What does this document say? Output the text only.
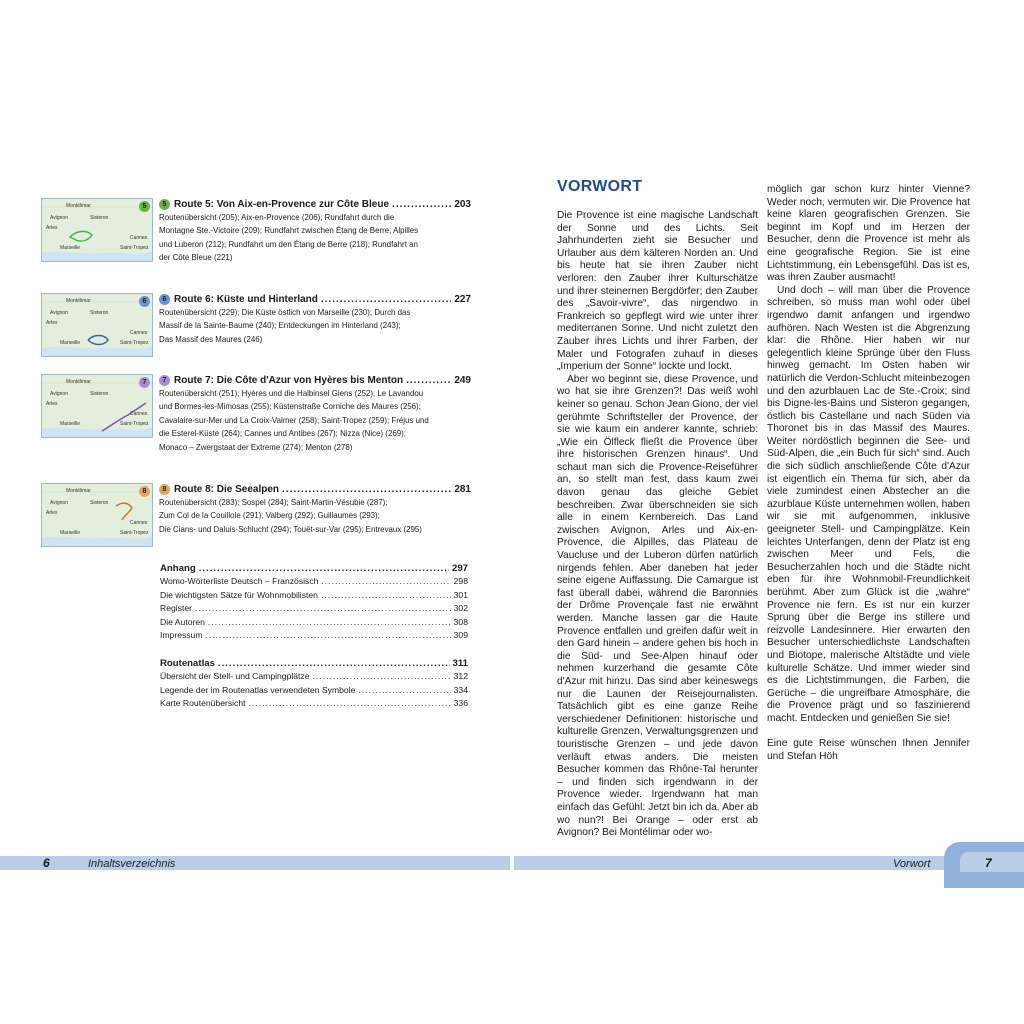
Montélimar
Avignon	Sisteron
Arles
Cannes
Marseille	Saint-Tropez
5	5 Route 5: Von Aix-en-Provence zur Côte Bleue .....	203
Routenübersicht (205); Aix-en-Provence (206); Rundfahrt durch die
Montagne Ste.-Victoire (209); Rundfahrt zwischen Étang de Berre, Alpilles
und Luberon (212); Rundfahrt um den Étang de Berre (218); Rundfahrt an
der Côte Bleue (221)
Montélimar
Avignon	Sisteron
Arles
Cannes
Marseille	Saint-Tropez
6	6 Route 6: Küste und Hinterland .....	227
Routenübersicht (229); Die Küste östlich von Marseille (230); Durch das
Massif de la Sainte-Baume (240); Entdeckungen im Hinterland (243);
Das Massif des Maures (246)
Montélimar
Avignon	Sisteron
Arles
Cannes
Marseille	Saint-Tropez
7	7 Route 7: Die Côte d'Azur von Hyères bis Menton .....	249
Routenübersicht (251); Hyères und die Halbinsel Giens (252); Le Lavandou
und Bormes-les-Mimosas (255); Küstenstraße Corniche des Maures (256);
Cavalaire-sur-Mer und La Croix-Valmer (258); Saint-Tropez (259); Fréjus und
die Esterel-Küste (264); Cannes und Antibes (267); Nizza (Nice) (269);
Monaco – Zwergstaat der Extreme (274); Menton (278)
Montélimar
Avignon	Sisteron
Arles
Cannes
Marseille	Saint-Tropez
8	8 Route 8: Die Seealpen .....	281
Routenübersicht (283); Sospel (284); Saint-Martin-Vésubie (287);
Zum Col de la Couillole (291); Valberg (292); Guillaumes (293);
Die Cians- und Daluis-Schlucht (294); Touët-sur-Var (295); Entrevaux (295)
Anhang .....	297
Womo-Wörterliste Deutsch – Französisch .....	298
Die wichtigsten Sätze für Wohnmobilisten .....	301
Register .....	302
Die Autoren .....	308
Impressum .....	309
Routenatlas .....	311
Übersicht der Stell- und Campingplätze .....	312
Legende der im Routenatlas verwendeten Symbole .....	334
Karte Routenübersicht .....	336
VORWORT

Die Provence ist eine magische Landschaft der Sonne und des Lichts. Seit Jahrhunderten zieht sie Besucher und Urlauber aus dem kälteren Norden an. Und bis heute hat sie ihren Zauber nicht verloren: den Zauber ihrer Kulturschätze und ihrer steinernen Bergdörfer; den Zauber des „Savoir-vivre“, das nirgendwo in Frankreich so gepflegt wird wie unter ihrer mediterranen Sonne. Und nicht zuletzt den Zauber ihres Lichts und ihrer Farben, der Maler und Fotografen zuhauf in dieses „Imperium der Sonne“ lockte und lockt.

Aber wo beginnt sie, diese Provence, und wo hat sie ihre Grenzen?! Das weiß wohl keiner so genau. Schon Jean Giono, der viel gerühmte Schriftsteller der Provence, der sie wie kaum ein anderer kannte, schrieb: „Wie ein Ölfleck fließt die Provence über ihre historischen Grenzen hinaus“. Und schaut man sich die Provence-Reiseführer an, so stellt man fest, dass kaum zwei davon genau das gleiche Gebiet beschreiben. Zwar überschneiden sie sich alle in einem Kernbereich. Das Land zwischen Avignon, Arles und Aix-en-Provence, die Alpilles, das Plateau de Vaucluse und der Luberon dürfen natürlich nirgends fehlen. Aber daneben hat jeder seine eigene Auffassung. Die Camargue ist fast überall dabei, während die Baronnies der Drôme Provençale fast nie erwähnt werden. Manche lassen gar die Haute Provence entfallen und greifen dafür weit in den Gard hinein – andere gehen bis hoch in die Süd- und See-Alpen hinauf oder nehmen kurzerhand die gesamte Côte d'Azur mit hinzu. Das sind aber keineswegs nur die Launen der Reisejournalisten. Tatsächlich gibt es eine ganze Reihe verschiedener Definitionen: historische und kulturelle Grenzen, Verwaltungsgrenzen und touristische Grenzen – und jede davon verläuft etwas anders. Die meisten Besucher kommen das Rhône-Tal herunter – und finden sich irgendwann in der Provence wieder. Irgendwann hat man einfach das Gefühl: Jetzt bin ich da. Aber ab wo nun?! Bei Orange – oder erst ab Avignon? Bei Montélimar oder wo-

möglich gar schon kurz hinter Vienne? Weder noch, vermuten wir. Die Provence hat keine klaren geografischen Grenzen. Sie beginnt im Kopf und im Herzen der Besucher, denn die Provence ist mehr als eine geografische Region. Sie ist eine Lichtstimmung, ein Lebensgefühl. Das ist es, was ihren Zauber ausmacht!

Und doch – will man über die Provence schreiben, so muss man wohl oder übel irgendwo damit anfangen und irgendwo aufhören. Nach Westen ist die Abgrenzung klar: die Rhône. Hier haben wir nur gelegentlich kleine Sprünge über den Fluss hinweg gemacht. Im Osten haben wir natürlich die Verdon-Schlucht miteinbezogen und den azurblauen Lac de Ste.-Croix; sind bis Digne-les-Bains und Sisteron gegangen, östlich bis Castellane und nach Süden via Thoronet bis in das Massif des Maures. Weiter nordöstlich beginnen die See- und Süd-Alpen, die „ein Buch für sich“ sind. Auch die sich südlich anschließende Côte d'Azur ist eigentlich ein Thema für sich, aber da viele zumindest einen Abstecher an die azurblaue Küste unternehmen wollen, haben wir sie mit aufgenommen, inklusive geeigneter Stell- und Campingplätze. Kein leichtes Unterfangen, denn der Platz ist eng zwischen Meer und Fels, die Besucherzahlen hoch und die Städte nicht eben für ihre Wohnmobil-Freundlichkeit berühmt. Aber zum Glück ist die „wahre“ Provence nie fern. Es ist nur ein kurzer Sprung über die Berge ins stillere und reizvolle Landesinnere. Hier erwarten den Besucher unterschiedlichste Landschaften und Biotope, malerische Altstädte und viele kulturelle Schätze. Und immer wieder sind es die Lichtstimmungen, die Farben, die Gerüche – die ungreifbare Atmosphäre, die die Provence prägt und so faszinierend macht. Entdecken und genießen Sie sie!

Eine gute Reise wünschen Ihnen Jennifer und Stefan Höh

6	Inhaltsverzeichnis	Vorwort	7
